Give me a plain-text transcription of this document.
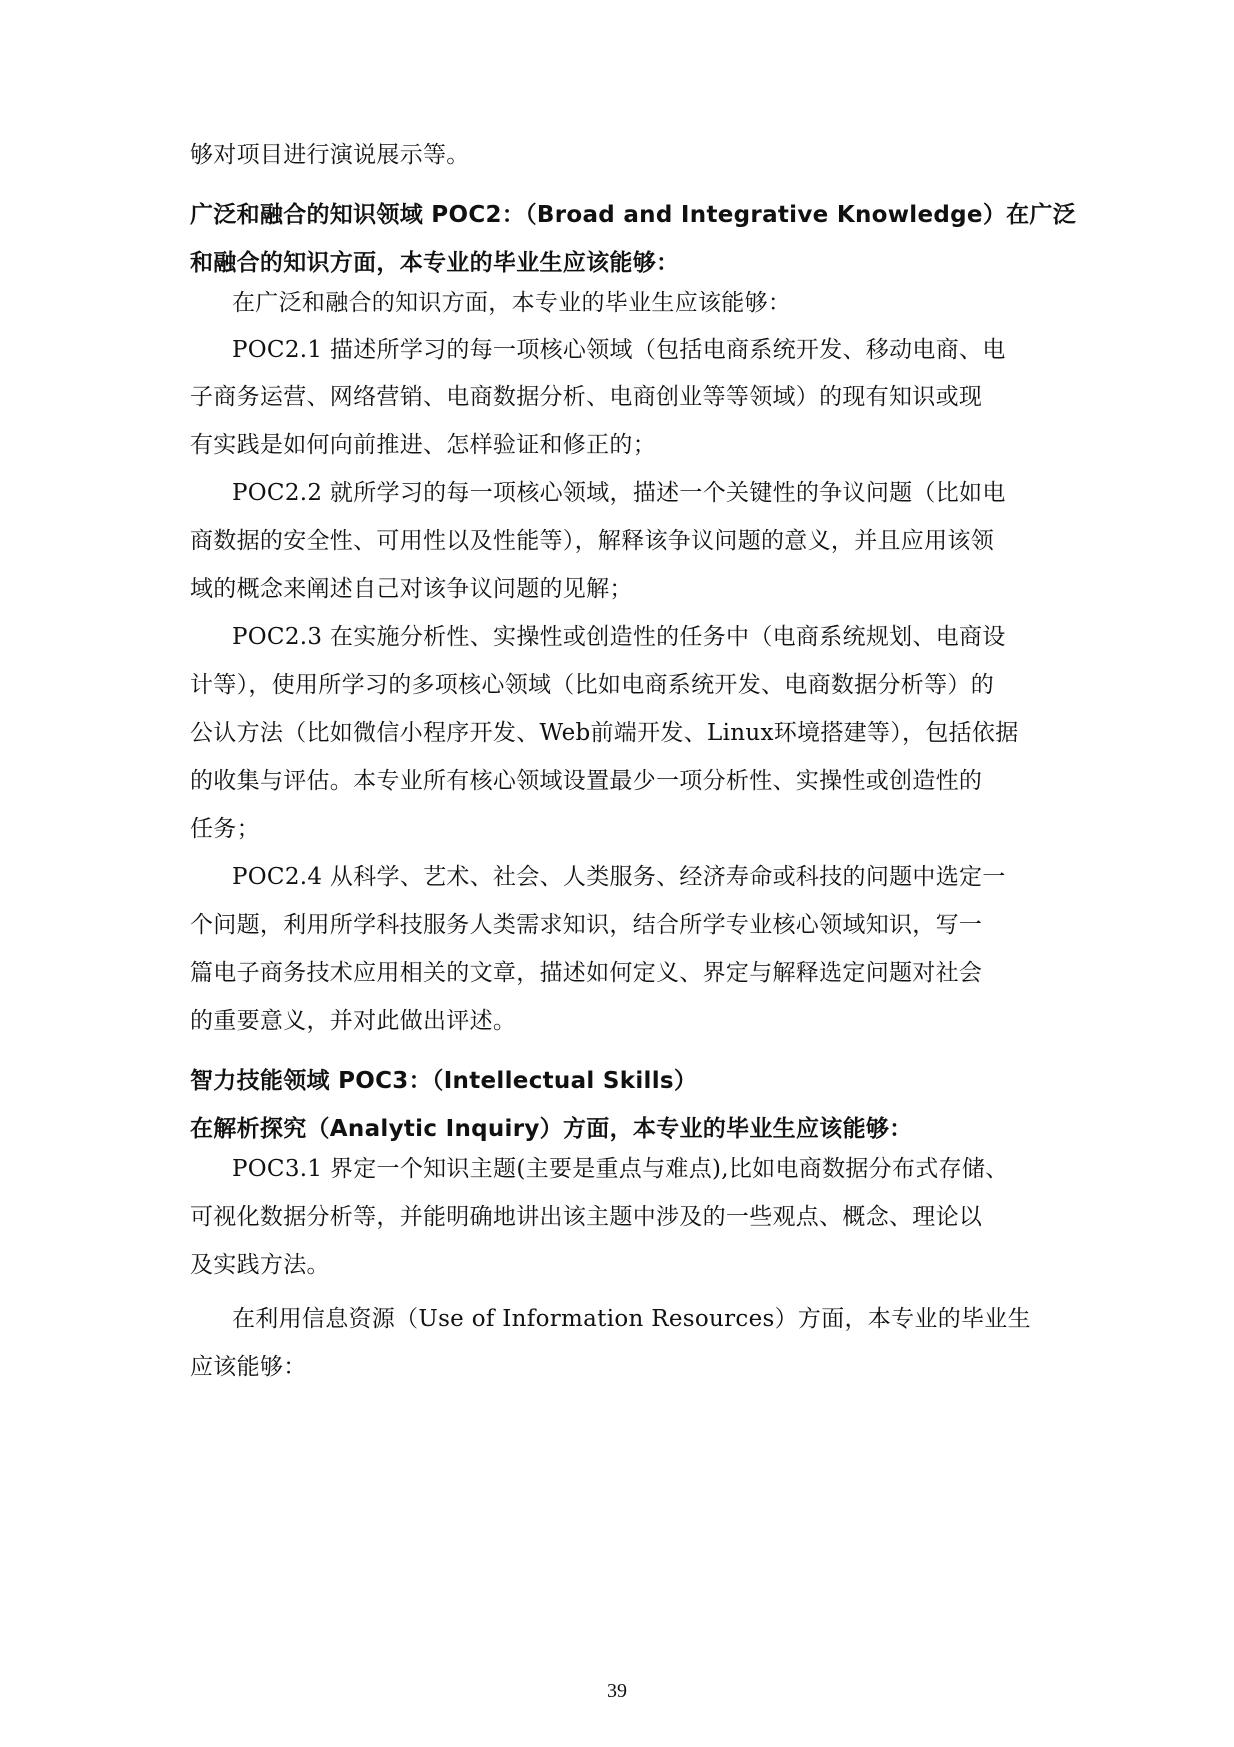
够对项目进行演说展示等。
广泛和融合的知识领域 POC2：（Broad and Integrative Knowledge）在广泛
和融合的知识方面，本专业的毕业生应该能够：
在广泛和融合的知识方面，本专业的毕业生应该能够：
POC2.1 描述所学习的每一项核心领域（包括电商系统开发、移动电商、电
子商务运营、网络营销、电商数据分析、电商创业等等领域）的现有知识或现
有实践是如何向前推进、怎样验证和修正的；
POC2.2 就所学习的每一项核心领域，描述一个关键性的争议问题（比如电
商数据的安全性、可用性以及性能等），解释该争议问题的意义，并且应用该领
域的概念来阐述自己对该争议问题的见解；
POC2.3 在实施分析性、实操性或创造性的任务中（电商系统规划、电商设
计等），使用所学习的多项核心领域（比如电商系统开发、电商数据分析等）的
公认方法（比如微信小程序开发、Web前端开发、Linux环境搭建等），包括依据
的收集与评估。本专业所有核心领域设置最少一项分析性、实操性或创造性的
任务；
POC2.4 从科学、艺术、社会、人类服务、经济寿命或科技的问题中选定一
个问题，利用所学科技服务人类需求知识，结合所学专业核心领域知识，写一
篇电子商务技术应用相关的文章，描述如何定义、界定与解释选定问题对社会
的重要意义，并对此做出评述。
智力技能领域 POC3：（Intellectual Skills）
在解析探究（Analytic Inquiry）方面，本专业的毕业生应该能够：
POC3.1 界定一个知识主题(主要是重点与难点),比如电商数据分布式存储、
可视化数据分析等，并能明确地讲出该主题中涉及的一些观点、概念、理论以
及实践方法。
在利用信息资源（Use of Information Resources）方面，本专业的毕业生
应该能够：
39
